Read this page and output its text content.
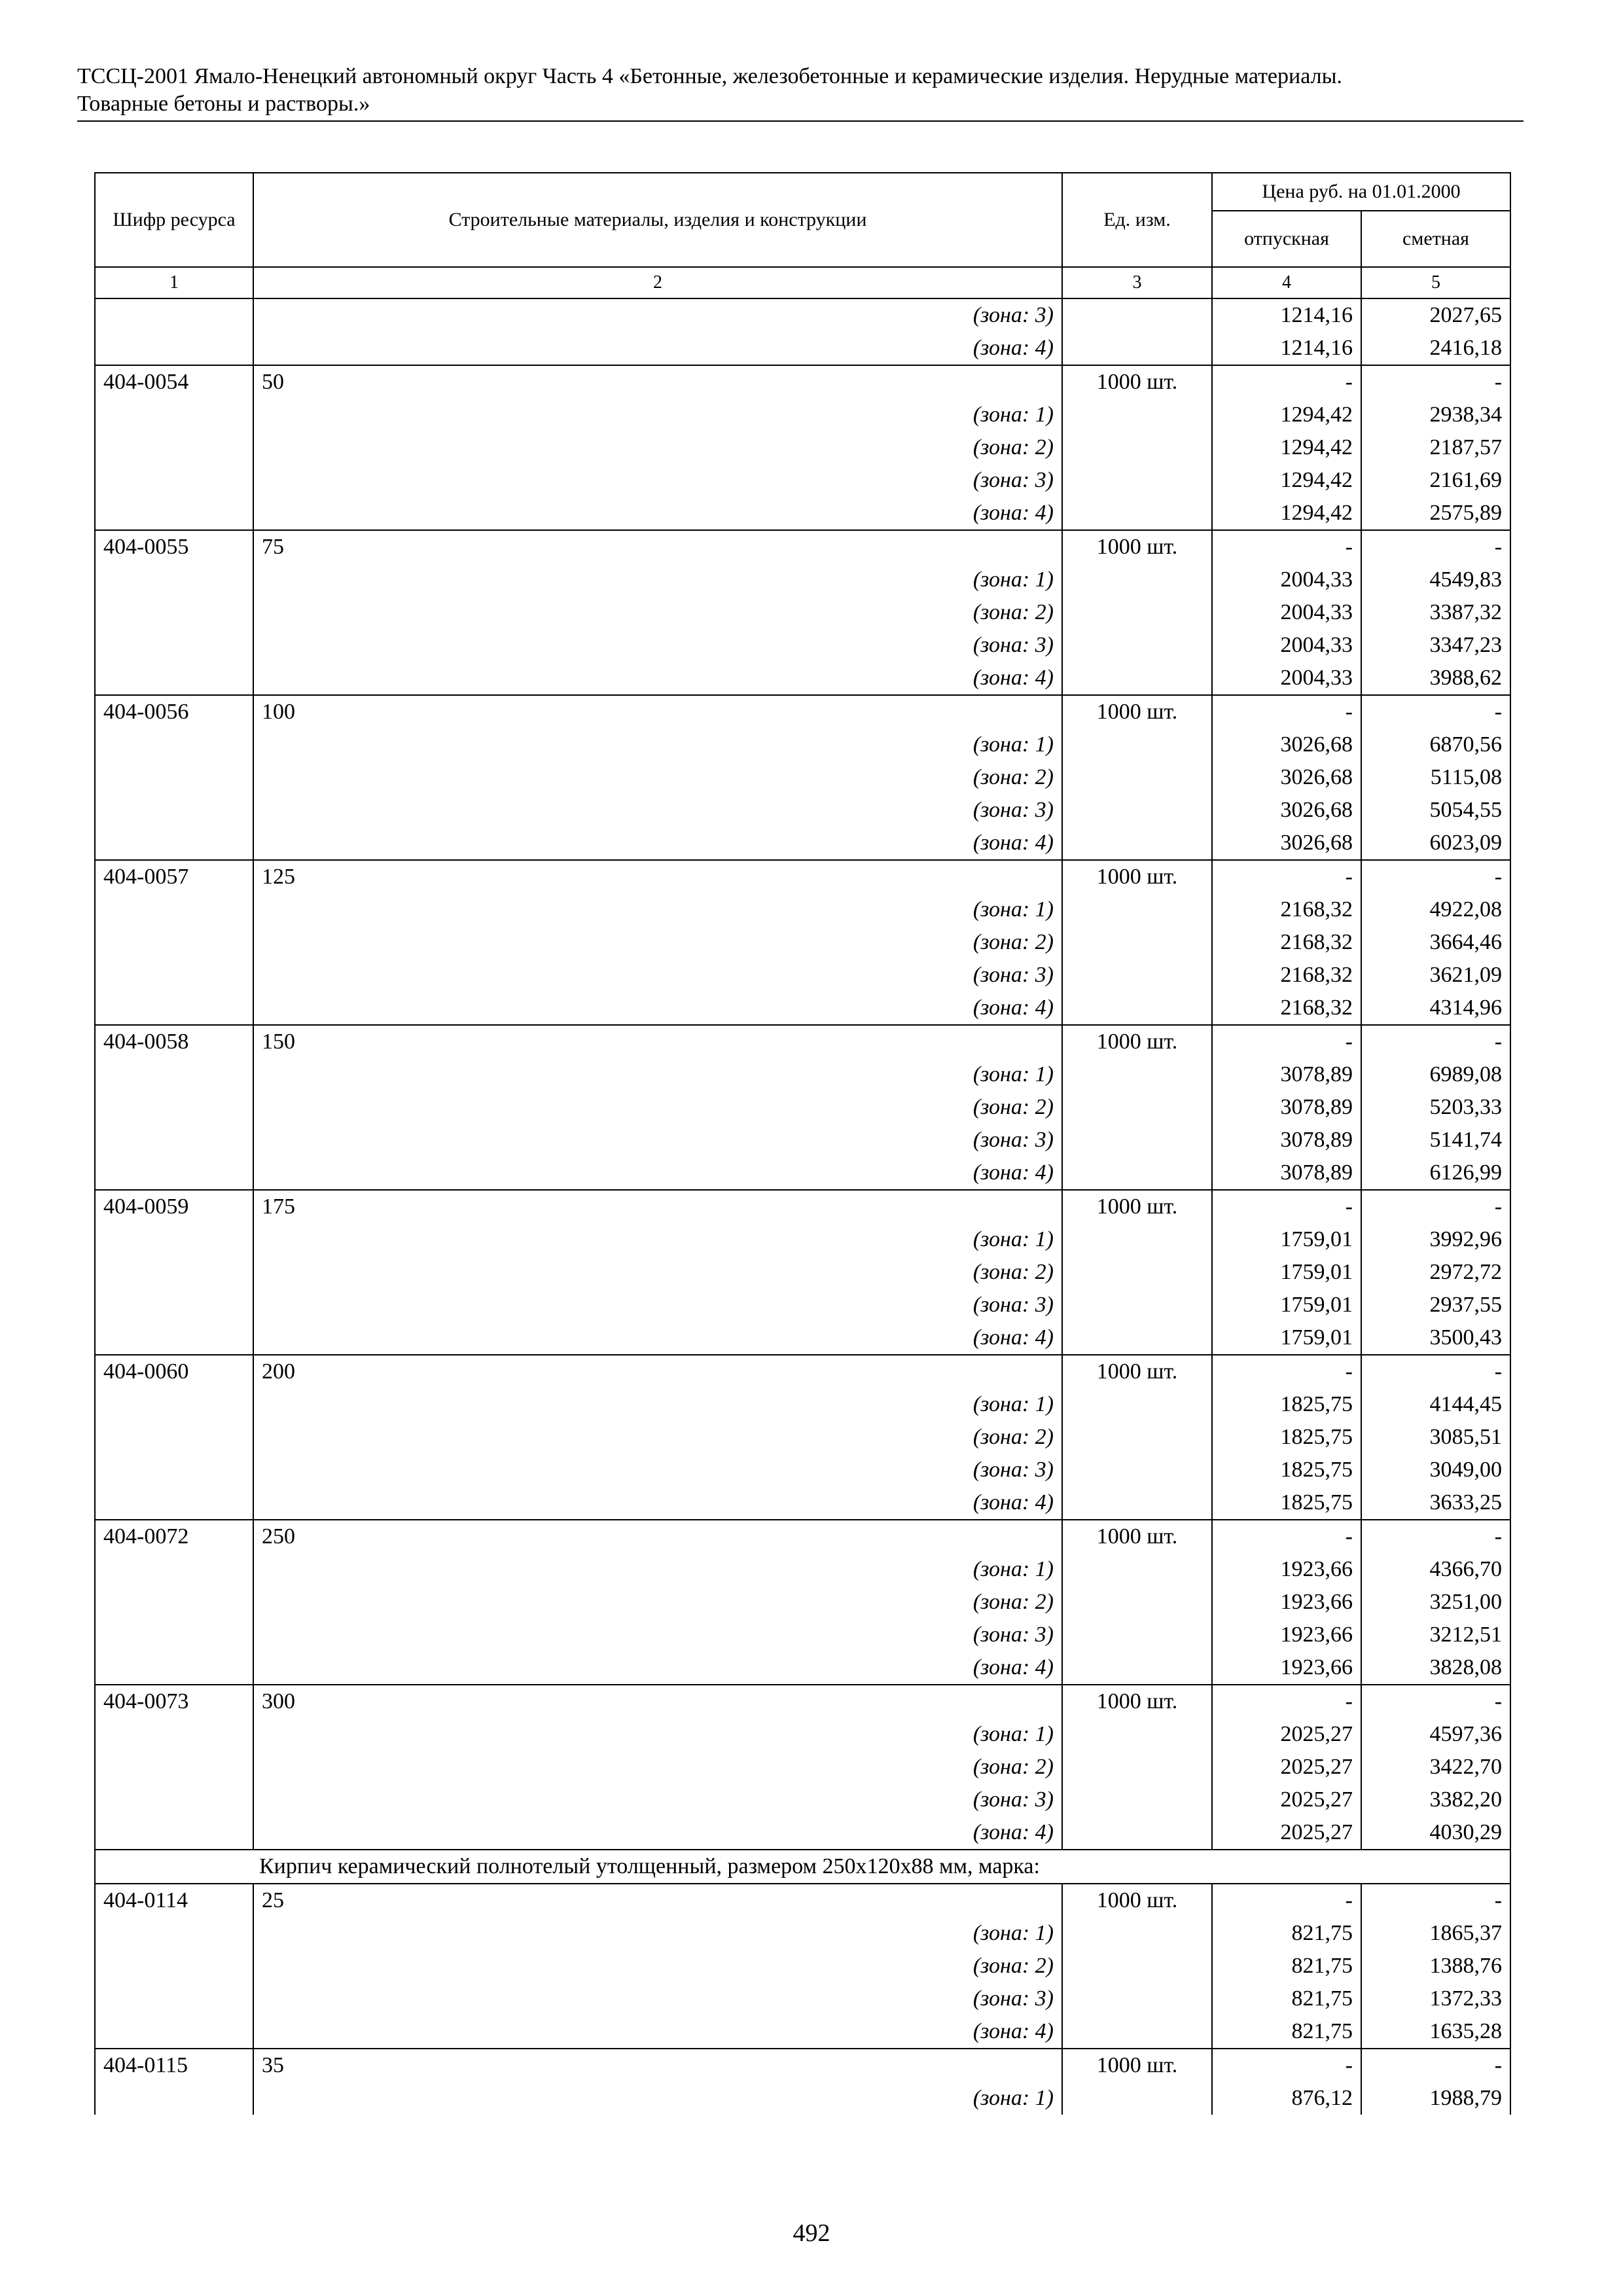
ТССЦ-2001 Ямало-Ненецкий автономный округ Часть 4 «Бетонные, железобетонные и керамические изделия. Нерудные материалы.
Товарные бетоны и растворы.»
Шифр ресурса	Строительные материалы, изделия и конструкции	Ед. изм.	Цена руб. на 01.01.2000	
			отпускная	сметная
1	2	3	4	5
	(зона: 3)		1214,16	2027,65
	(зона: 4)		1214,16	2416,18
404-0054	50	1000 шт.	-	-
	(зона: 1)		1294,42	2938,34
	(зона: 2)		1294,42	2187,57
	(зона: 3)		1294,42	2161,69
	(зона: 4)		1294,42	2575,89
404-0055	75	1000 шт.	-	-
	(зона: 1)		2004,33	4549,83
	(зона: 2)		2004,33	3387,32
	(зона: 3)		2004,33	3347,23
	(зона: 4)		2004,33	3988,62
404-0056	100	1000 шт.	-	-
	(зона: 1)		3026,68	6870,56
	(зона: 2)		3026,68	5115,08
	(зона: 3)		3026,68	5054,55
	(зона: 4)		3026,68	6023,09
404-0057	125	1000 шт.	-	-
	(зона: 1)		2168,32	4922,08
	(зона: 2)		2168,32	3664,46
	(зона: 3)		2168,32	3621,09
	(зона: 4)		2168,32	4314,96
404-0058	150	1000 шт.	-	-
	(зона: 1)		3078,89	6989,08
	(зона: 2)		3078,89	5203,33
	(зона: 3)		3078,89	5141,74
	(зона: 4)		3078,89	6126,99
404-0059	175	1000 шт.	-	-
	(зона: 1)		1759,01	3992,96
	(зона: 2)		1759,01	2972,72
	(зона: 3)		1759,01	2937,55
	(зона: 4)		1759,01	3500,43
404-0060	200	1000 шт.	-	-
	(зона: 1)		1825,75	4144,45
	(зона: 2)		1825,75	3085,51
	(зона: 3)		1825,75	3049,00
	(зона: 4)		1825,75	3633,25
404-0072	250	1000 шт.	-	-
	(зона: 1)		1923,66	4366,70
	(зона: 2)		1923,66	3251,00
	(зона: 3)		1923,66	3212,51
	(зона: 4)		1923,66	3828,08
404-0073	300	1000 шт.	-	-
	(зона: 1)		2025,27	4597,36
	(зона: 2)		2025,27	3422,70
	(зона: 3)		2025,27	3382,20
	(зона: 4)		2025,27	4030,29
Кирпич керамический полнотелый утолщенный, размером 250x120x88 мм, марка:				
404-0114	25	1000 шт.	-	-
	(зона: 1)		821,75	1865,37
	(зона: 2)		821,75	1388,76
	(зона: 3)		821,75	1372,33
	(зона: 4)		821,75	1635,28
404-0115	35	1000 шт.	-	-
	(зона: 1)		876,12	1988,79
492
